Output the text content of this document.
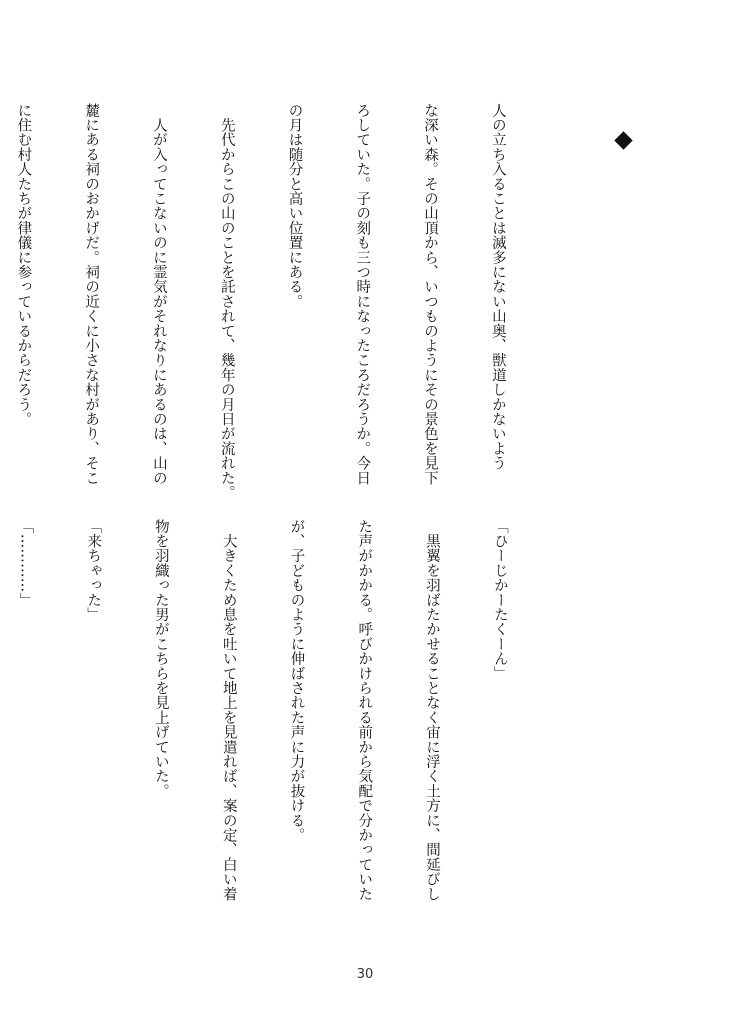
人の立ち入ることは滅多にない山奥、獣道しかないよう

な深い森。その山頂から、いつものようにその景色を見下

ろしていた。子の刻も三つ時になったころだろうか。今日

の月は随分と高い位置にある。

　先代からこの山のことを託されて、幾年の月日が流れた。

　人が入ってこないのに霊気がそれなりにあるのは、山の

麓にある祠のおかげだ。祠の近くに小さな村があり、そこ

に住む村人たちが律儀に参っているからだろう。

「ひーじかーたくーん」

　黒翼を羽ばたかせることなく宙に浮く土方に、間延びし

た声がかかる。呼びかけられる前から気配で分かっていた

が、子どものように伸ばされた声に力が抜ける。

　大きくため息を吐いて地上を見遣れば、案の定、白い着

物を羽織った男がこちらを見上げていた。

「来ちゃった」

「…………」

30
